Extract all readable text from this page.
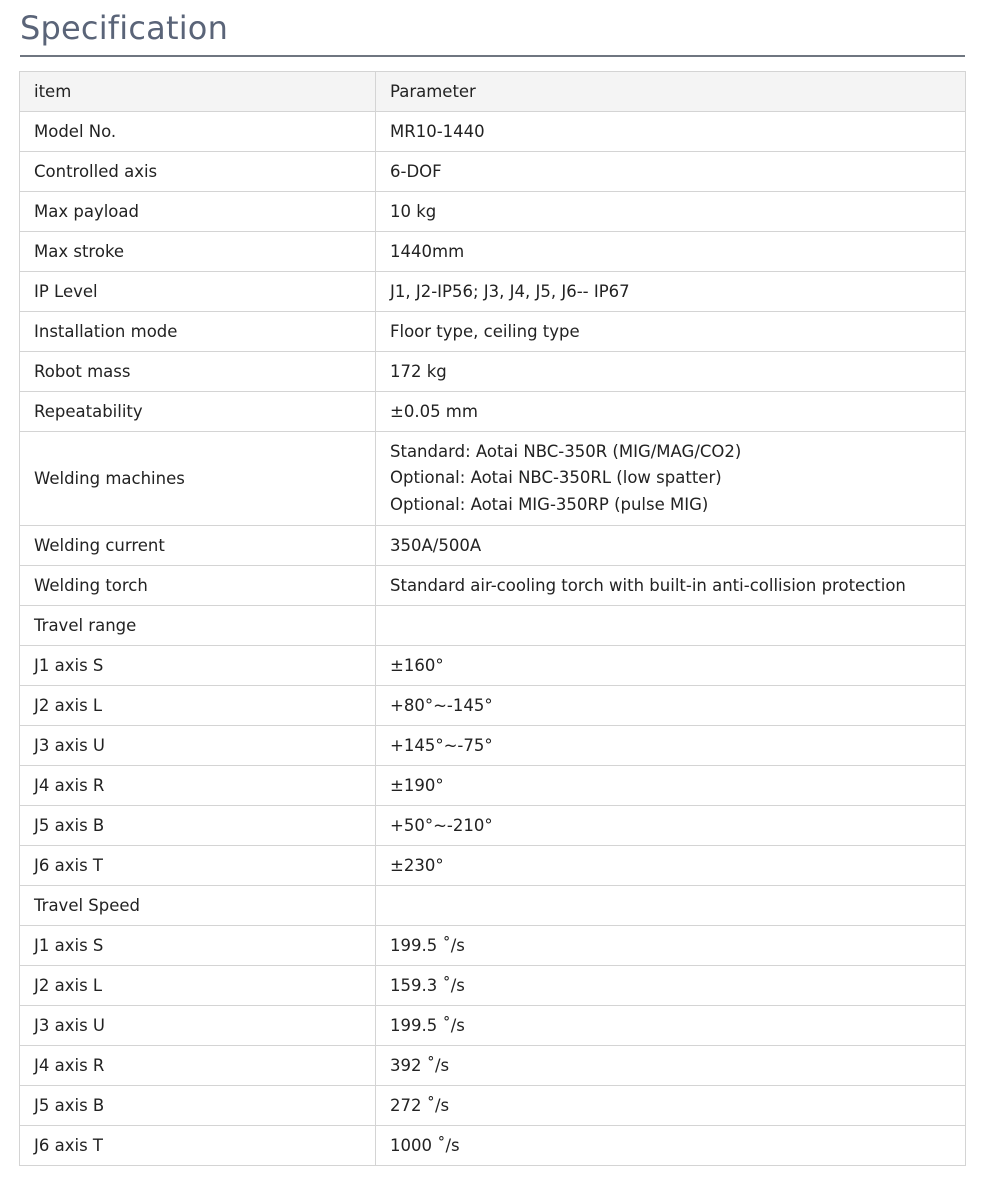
Specification
item	Parameter
Model No.	MR10-1440
Controlled axis	6-DOF
Max payload	10 kg
Max stroke	1440mm
IP Level	J1, J2-IP56; J3, J4, J5, J6-- IP67
Installation mode	Floor type, ceiling type
Robot mass	172 kg
Repeatability	±0.05 mm
Welding machines	Standard: Aotai NBC-350R (MIG/MAG/CO2)
Optional: Aotai NBC-350RL (low spatter)
Optional: Aotai MIG-350RP (pulse MIG)

Welding current	350A/500A
Welding torch	Standard air-cooling torch with built-in anti-collision protection
Travel range	
J1 axis S	±160°
J2 axis L	+80°~-145°
J3 axis U	+145°~-75°
J4 axis R	±190°
J5 axis B	+50°~-210°
J6 axis T	±230°
Travel Speed	
J1 axis S	199.5 ˚/s
J2 axis L	159.3 ˚/s
J3 axis U	199.5 ˚/s
J4 axis R	392 ˚/s
J5 axis B	272 ˚/s
J6 axis T	1000 ˚/s
